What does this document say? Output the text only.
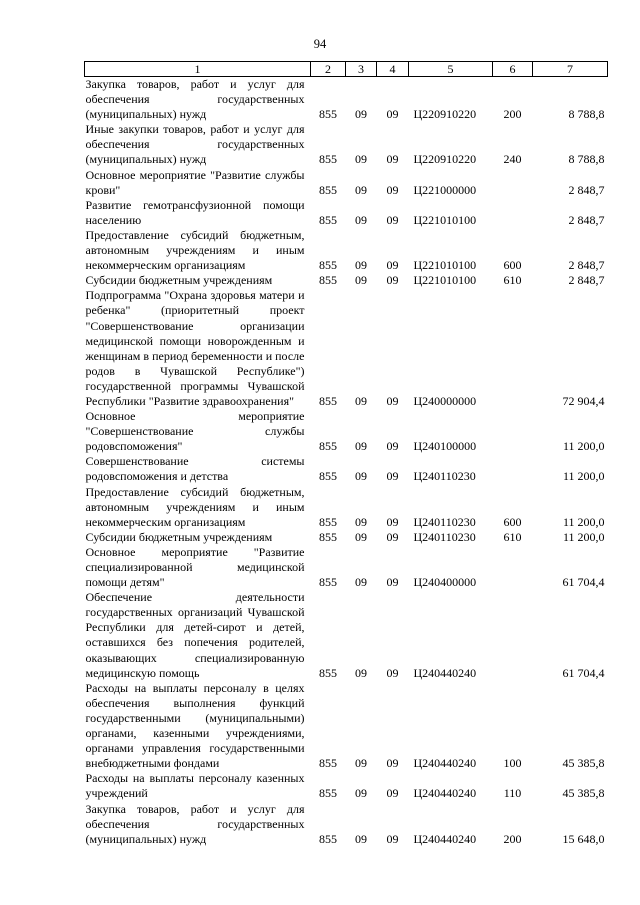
94
1	2	3	4	5	6	7

Закупка товаров, работ и услуг для обеспечения государственных (муниципальных) нужд	855	09	09	Ц220910220	200	8 788,8

Иные закупки товаров, работ и услуг для обеспечения государственных (муниципальных) нужд	855	09	09	Ц220910220	240	8 788,8

Основное мероприятие "Развитие службы крови"	855	09	09	Ц221000000		2 848,7

Развитие гемотрансфузионной помощи населению	855	09	09	Ц221010100		2 848,7

Предоставление субсидий бюджетным, автономным учреждениям и иным некоммерческим организациям	855	09	09	Ц221010100	600	2 848,7

Субсидии бюджетным учреждениям	855	09	09	Ц221010100	610	2 848,7

Подпрограмма "Охрана здоровья матери и ребенка" (приоритетный проект "Совершенствование организации медицинской помощи новорожденным и женщинам в период беременности и после родов в Чувашской Республике") государственной программы Чувашской Республики "Развитие здравоохранения"	855	09	09	Ц240000000		72 904,4

Основное мероприятие "Совершенствование службы родовспоможения"	855	09	09	Ц240100000		11 200,0

Совершенствование системы родовспоможения и детства	855	09	09	Ц240110230		11 200,0

Предоставление субсидий бюджетным, автономным учреждениям и иным некоммерческим организациям	855	09	09	Ц240110230	600	11 200,0

Субсидии бюджетным учреждениям	855	09	09	Ц240110230	610	11 200,0

Основное мероприятие "Развитие специализированной медицинской помощи детям"	855	09	09	Ц240400000		61 704,4

Обеспечение деятельности государственных организаций Чувашской Республики для детей-сирот и детей, оставшихся без попечения родителей, оказывающих специализированную медицинскую помощь	855	09	09	Ц240440240		61 704,4

Расходы на выплаты персоналу в целях обеспечения выполнения функций государственными (муниципальными) органами, казенными учреждениями, органами управления государственными внебюджетными фондами	855	09	09	Ц240440240	100	45 385,8

Расходы на выплаты персоналу казенных учреждений	855	09	09	Ц240440240	110	45 385,8

Закупка товаров, работ и услуг для обеспечения государственных (муниципальных) нужд	855	09	09	Ц240440240	200	15 648,0
